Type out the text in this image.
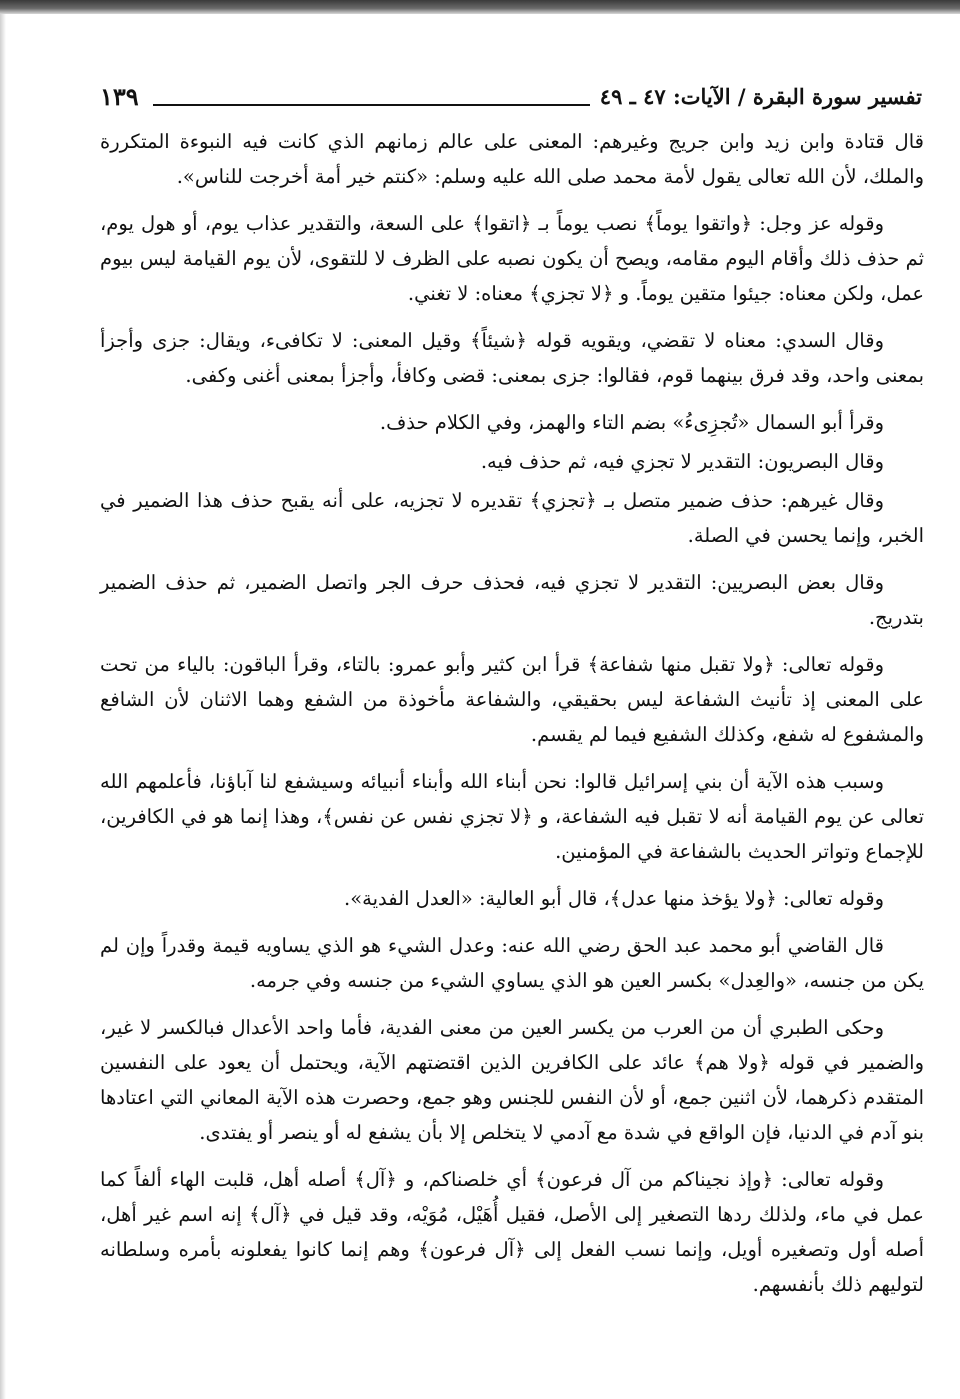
تفسير سورة البقرة / الآيات: ٤٧ ـ ٤٩
١٣٩

قال قتادة وابن زيد وابن جريج وغيرهم: المعنى على عالم زمانهم الذي كانت فيه النبوءة المتكررة والملك، لأن الله تعالى يقول لأمة محمد صلى الله عليه وسلم: «كنتم خير أمة أخرجت للناس».

وقوله عز وجل: ﴿واتقوا يوماً﴾ نصب يوماً بـ ﴿اتقوا﴾ على السعة، والتقدير عذاب يوم، أو هول يوم، ثم حذف ذلك وأقام اليوم مقامه، ويصح أن يكون نصبه على الظرف لا للتقوى، لأن يوم القيامة ليس بيوم عمل، ولكن معناه: جيئوا متقين يوماً. و ﴿لا تجزي﴾ معناه: لا تغني.

وقال السدي: معناه لا تقضي، ويقويه قوله ﴿شيئاً﴾ وقيل المعنى: لا تكافىء، ويقال: جزى وأجزأ بمعنى واحد، وقد فرق بينهما قوم، فقالوا: جزى بمعنى: قضى وكافأ، وأجزأ بمعنى أغنى وكفى.

وقرأ أبو السمال «تُجزِىءُ» بضم التاء والهمز، وفي الكلام حذف.

وقال البصريون: التقدير لا تجزي فيه، ثم حذف فيه.

وقال غيرهم: حذف ضمير متصل بـ ﴿تجزي﴾ تقديره لا تجزيه، على أنه يقبح حذف هذا الضمير في الخبر، وإنما يحسن في الصلة.

وقال بعض البصريين: التقدير لا تجزي فيه، فحذف حرف الجر واتصل الضمير، ثم حذف الضمير بتدريج.

وقوله تعالى: ﴿ولا تقبل منها شفاعة﴾ قرأ ابن كثير وأبو عمرو: بالتاء، وقرأ الباقون: بالياء من تحت على المعنى إذ تأنيث الشفاعة ليس بحقيقي، والشفاعة مأخوذة من الشفع وهما الاثنان لأن الشافع والمشفوع له شفع، وكذلك الشفيع فيما لم يقسم.

وسبب هذه الآية أن بني إسرائيل قالوا: نحن أبناء الله وأبناء أنبيائه وسيشفع لنا آباؤنا، فأعلمهم الله تعالى عن يوم القيامة أنه لا تقبل فيه الشفاعة، و ﴿لا تجزي نفس عن نفس﴾، وهذا إنما هو في الكافرين، للإجماع وتواتر الحديث بالشفاعة في المؤمنين.

وقوله تعالى: ﴿ولا يؤخذ منها عدل﴾، قال أبو العالية: «العدل الفدية».

قال القاضي أبو محمد عبد الحق رضي الله عنه: وعدل الشيء هو الذي يساويه قيمة وقدراً وإن لم يكن من جنسه، «والعِدل» بكسر العين هو الذي يساوي الشيء من جنسه وفي جرمه.

وحكى الطبري أن من العرب من يكسر العين من معنى الفدية، فأما واحد الأعدال فبالكسر لا غير، والضمير في قوله ﴿ولا هم﴾ عائد على الكافرين الذين اقتضتهم الآية، ويحتمل أن يعود على النفسين المتقدم ذكرهما، لأن اثنين جمع، أو لأن النفس للجنس وهو جمع، وحصرت هذه الآية المعاني التي اعتادها بنو آدم في الدنيا، فإن الواقع في شدة مع آدمي لا يتخلص إلا بأن يشفع له أو ينصر أو يفتدى.

وقوله تعالى: ﴿وإذ نجيناكم من آل فرعون﴾ أي خلصناكم، و ﴿آل﴾ أصله أهل، قلبت الهاء ألفاً كما عمل في ماء، ولذلك ردها التصغير إلى الأصل، فقيل أُهَيْل، مُوَيْه، وقد قيل في ﴿آل﴾ إنه اسم غير أهل، أصله أول وتصغيره أويل، وإنما نسب الفعل إلى ﴿آل فرعون﴾ وهم إنما كانوا يفعلونه بأمره وسلطانه لتوليهم ذلك بأنفسهم.
